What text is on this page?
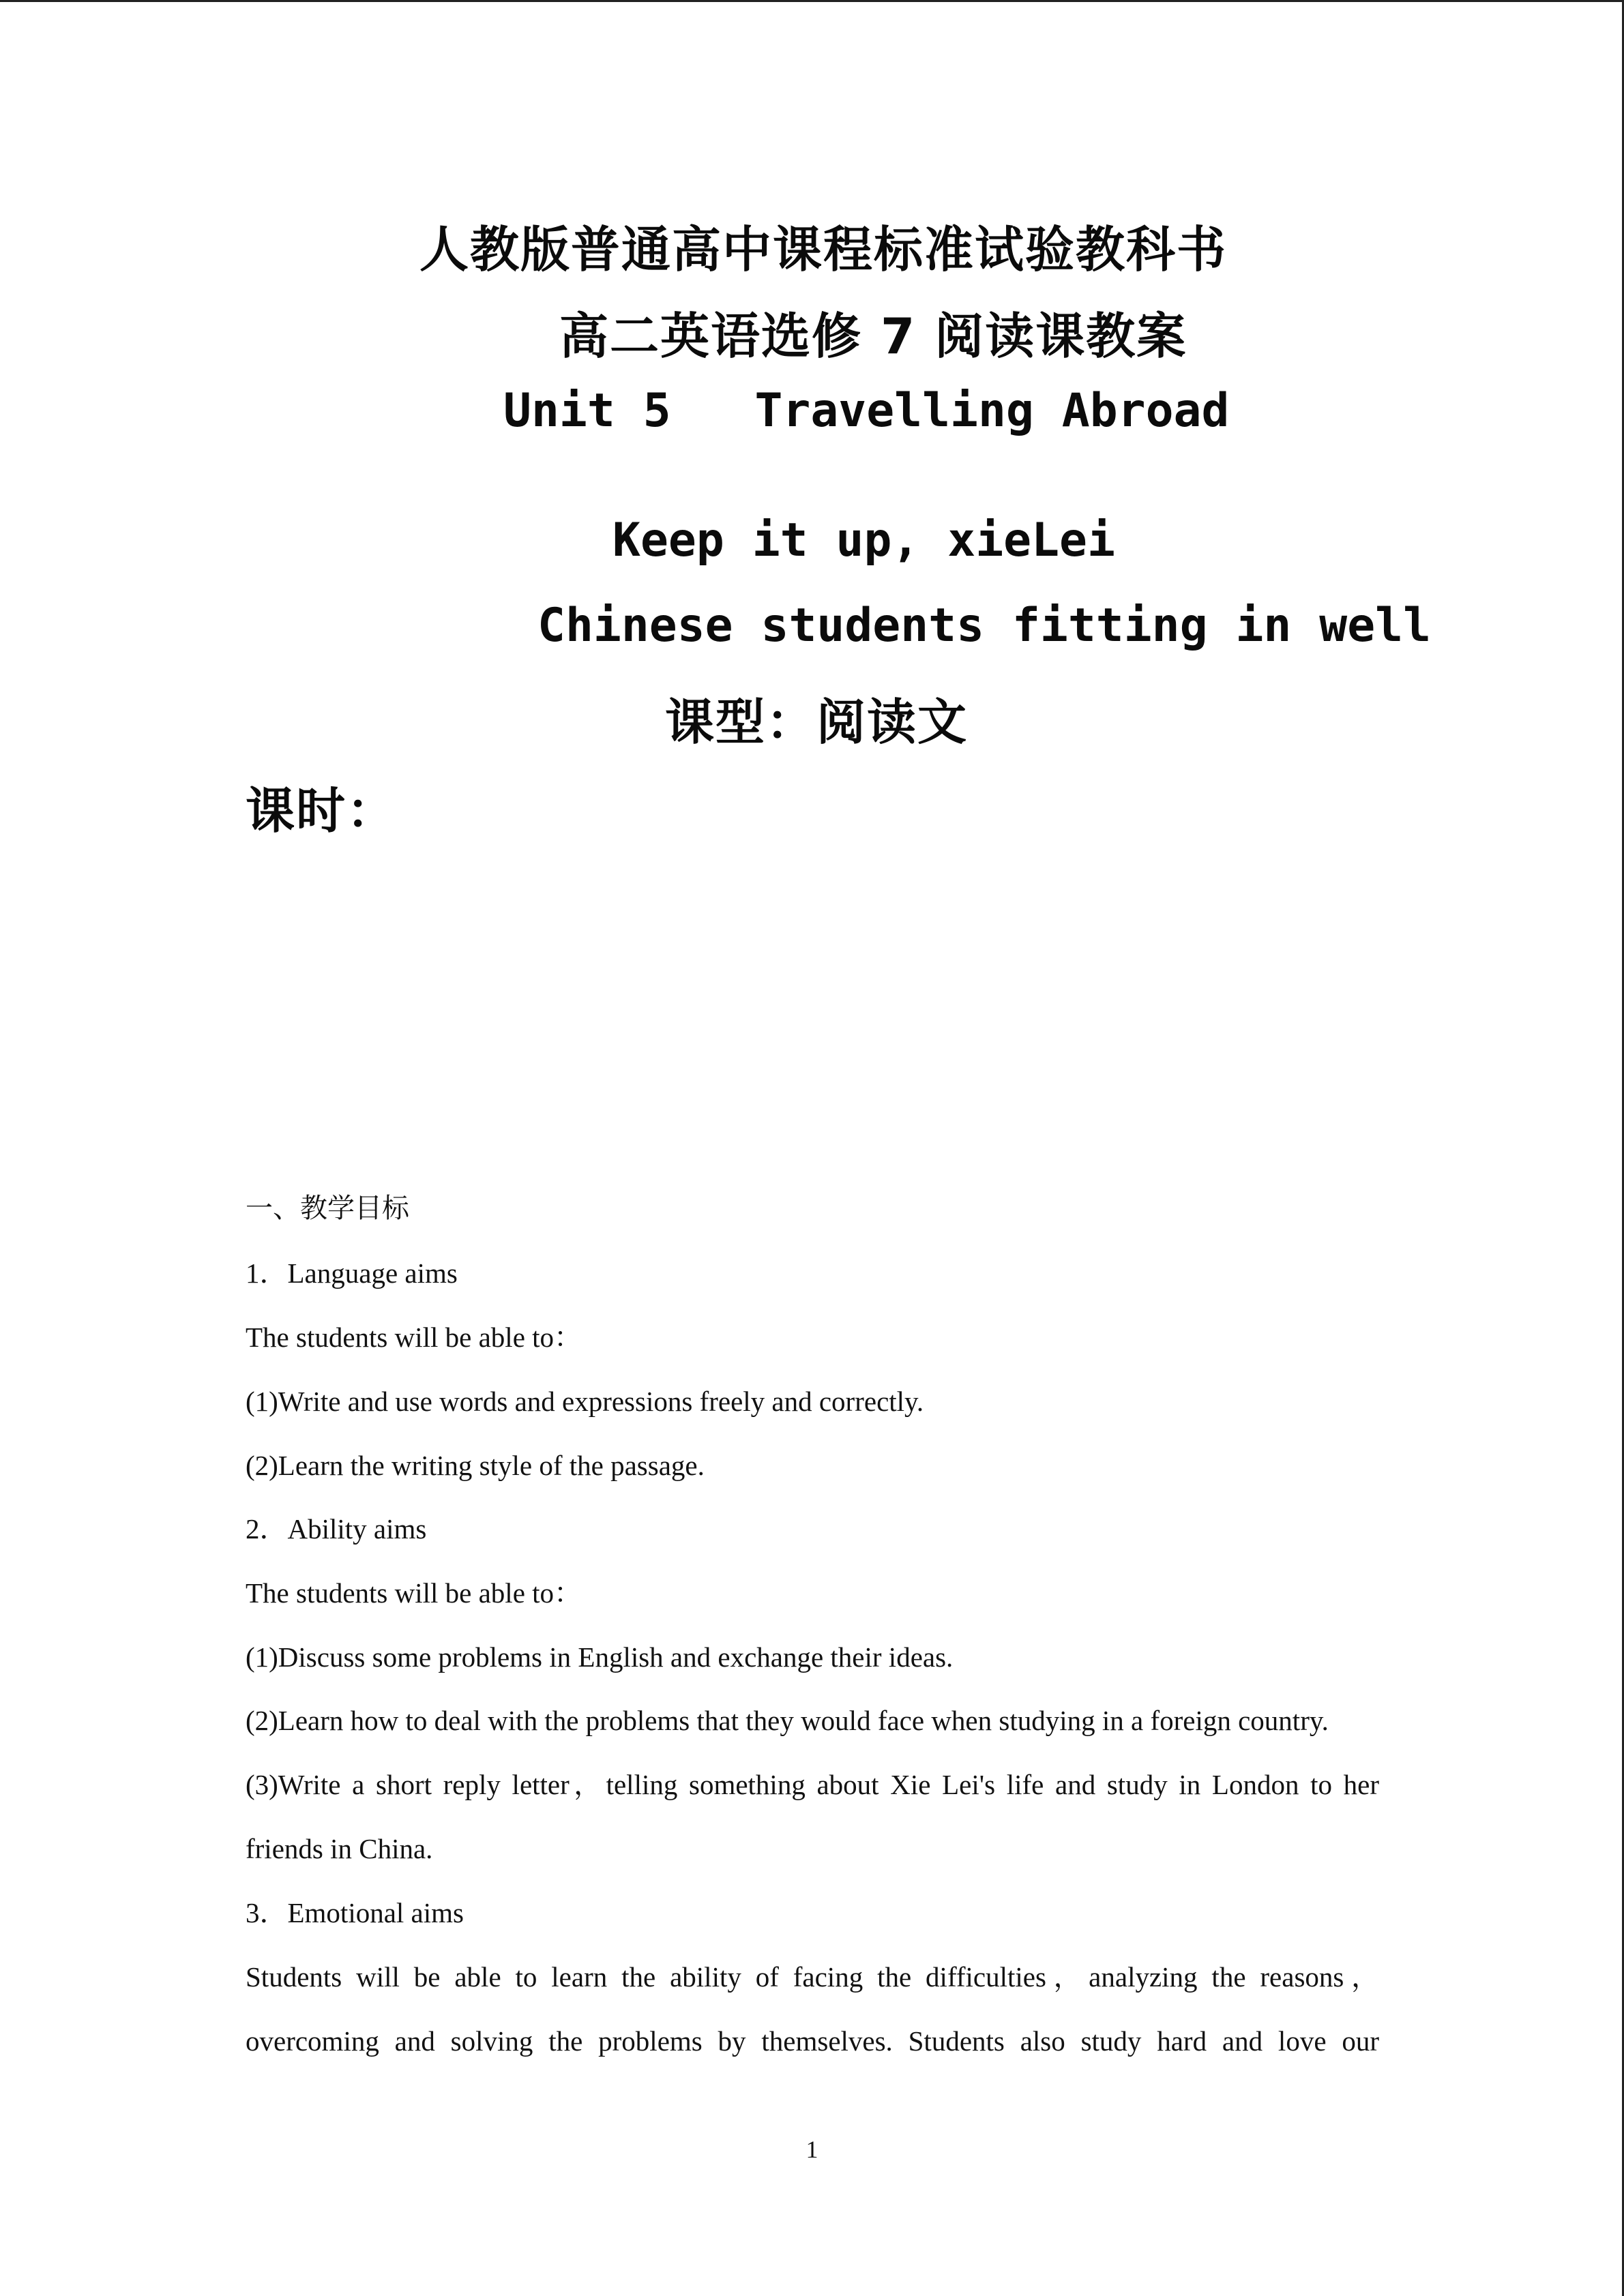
人教版普通高中课程标准试验教科书
高二英语选修 7 阅读课教案
Unit 5   Travelling Abroad
Keep it up, xieLei
Chinese students fitting in well
课型：阅读文
课时：
一、教学目标
1．Language aims
The students will be able to：
(1)Write and use words and expressions freely and correctly.
(2)Learn the writing style of the passage.
2．Ability aims
The students will be able to：
(1)Discuss some problems in English and exchange their ideas.
(2)Learn how to deal with the problems that they would face when studying in a foreign country.
(3)Write a short reply letter，telling something about Xie Lei's life and study in London to her
friends in China.
3．Emotional aims
Students will be able to learn the ability of facing the difficulties，analyzing the reasons，
overcoming and solving the problems by themselves. Students also study hard and love our
1
